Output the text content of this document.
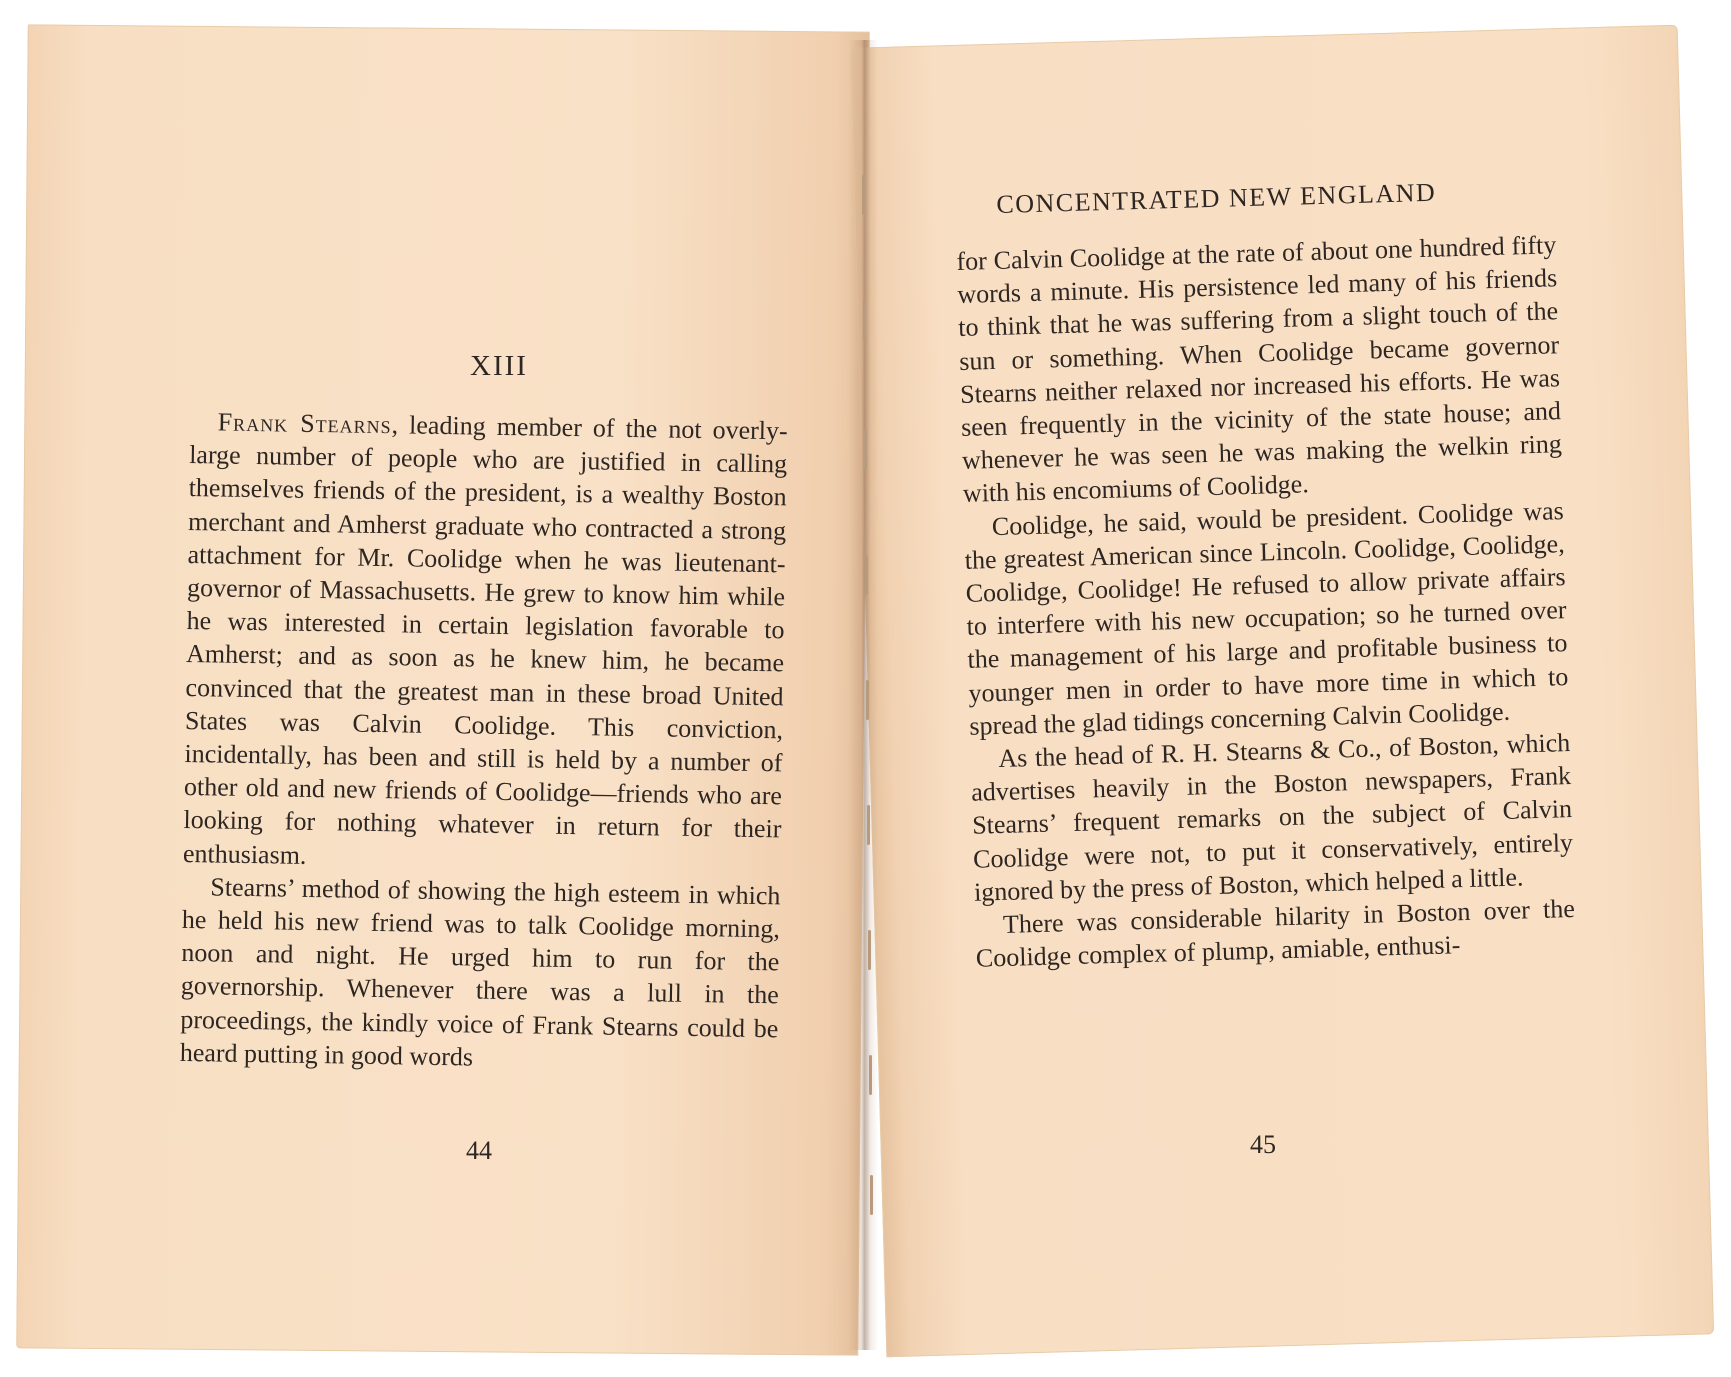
XIII

Frank Stearns, leading member of the not overly-large number of people who are justified in calling themselves friends of the president, is a wealthy Boston merchant and Amherst graduate who contracted a strong attachment for Mr. Coolidge when he was lieutenant-governor of Massachusetts. He grew to know him while he was interested in certain legislation favorable to Amherst; and as soon as he knew him, he became convinced that the greatest man in these broad United States was Calvin Coolidge. This conviction, incidentally, has been and still is held by a number of other old and new friends of Coolidge—friends who are looking for nothing whatever in return for their enthusiasm.

Stearns’ method of showing the high esteem in which he held his new friend was to talk Coolidge morning, noon and night. He urged him to run for the governorship. Whenever there was a lull in the proceedings, the kindly voice of Frank Stearns could be heard putting in good words

44
CONCENTRATED NEW ENGLAND

for Calvin Coolidge at the rate of about one hundred fifty words a minute. His persistence led many of his friends to think that he was suffering from a slight touch of the sun or something. When Coolidge became governor Stearns neither relaxed nor increased his efforts. He was seen frequently in the vicinity of the state house; and whenever he was seen he was making the welkin ring with his encomiums of Coolidge.

Coolidge, he said, would be president. Coolidge was the greatest American since Lincoln. Coolidge, Coolidge, Coolidge, Coolidge! He refused to allow private affairs to interfere with his new occupation; so he turned over the management of his large and profitable business to younger men in order to have more time in which to spread the glad tidings concerning Calvin Coolidge.

As the head of R. H. Stearns & Co., of Boston, which advertises heavily in the Boston newspapers, Frank Stearns’ frequent remarks on the subject of Calvin Coolidge were not, to put it conservatively, entirely ignored by the press of Boston, which helped a little.

There was considerable hilarity in Boston over the Coolidge complex of plump, amiable, enthusi-

45
